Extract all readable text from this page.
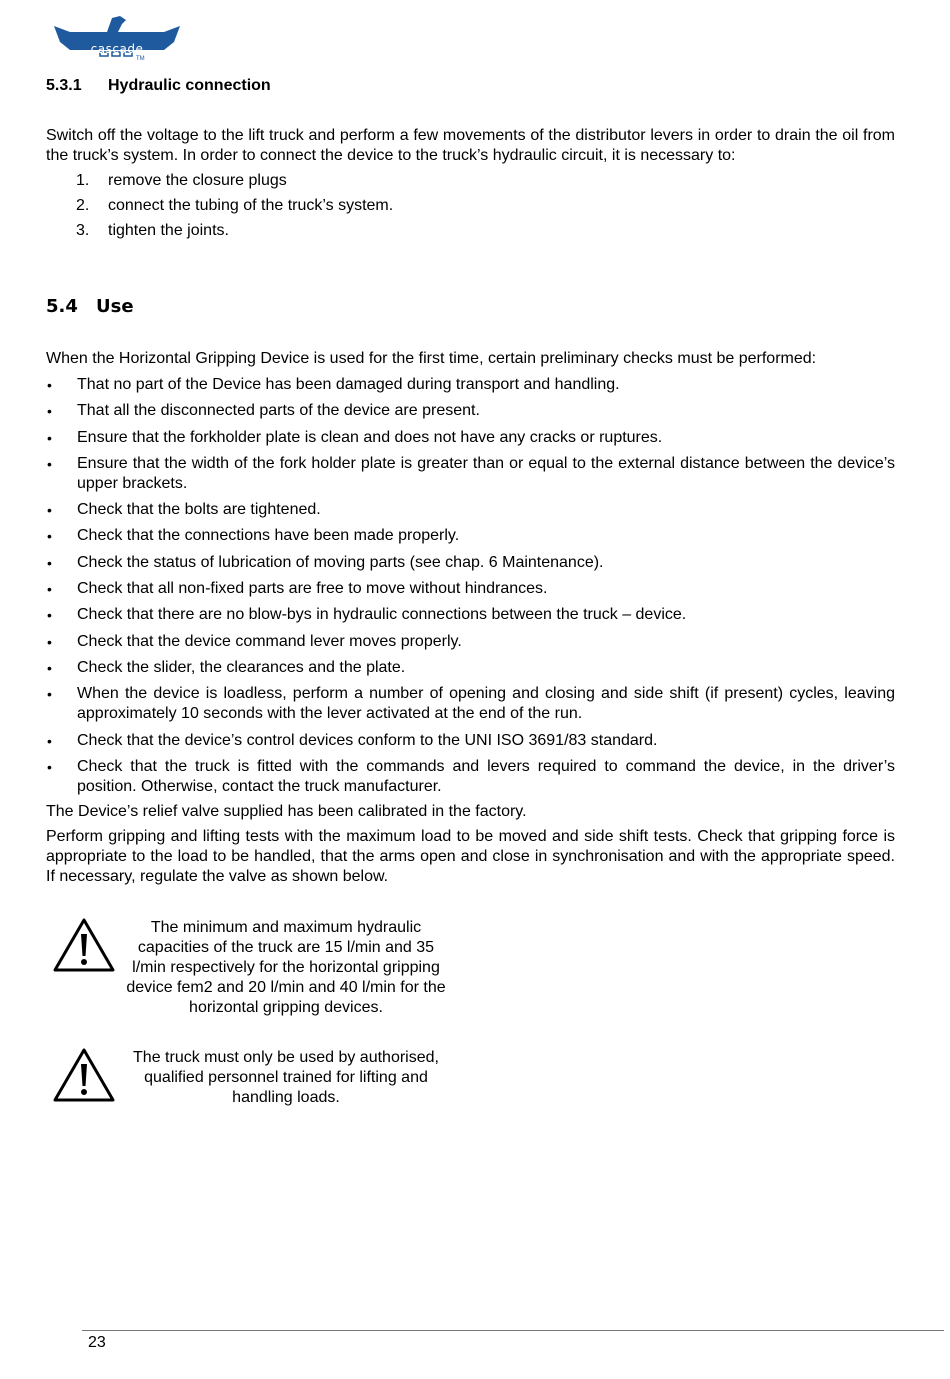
TM
cascade
5.3.1 Hydraulic connection
Switch off the voltage to the lift truck and perform a few movements of the distributor levers in order to drain the oil from the truck’s system. In order to connect the device to the truck’s hydraulic circuit, it is necessary to:
1.	remove the closure plugs
2.	connect the tubing of the truck’s system.
3.	tighten the joints.
5.4 Use
When the Horizontal Gripping Device is used for the first time, certain preliminary checks must be performed:
•	That no part of the Device has been damaged during transport and handling.
•	That all the disconnected parts of the device are present.
•	Ensure that the forkholder plate is clean and does not have any cracks or ruptures.
•	Ensure that the width of the fork holder plate is greater than or equal to the external distance between the device’s upper brackets.
•	Check that the bolts are tightened.
•	Check that the connections have been made properly.
•	Check the status of lubrication of moving parts (see chap. 6 Maintenance).
•	Check that all non-fixed parts are free to move without hindrances.
•	Check that there are no blow-bys in hydraulic connections between the truck – device.
•	Check that the device command lever moves properly.
•	Check the slider, the clearances and the plate.
•	When the device is loadless, perform a number of opening and closing and side shift (if present) cycles, leaving approximately 10 seconds with the lever activated at the end of the run.
•	Check that the device’s control devices conform to the UNI ISO 3691/83 standard.
•	Check that the truck is fitted with the commands and levers required to command the device, in the driver’s position. Otherwise, contact the truck manufacturer.
The Device’s relief valve supplied has been calibrated in the factory.
Perform gripping and lifting tests with the maximum load to be moved and side shift tests. Check that gripping force is appropriate to the load to be handled, that the arms open and close in synchronisation and with the appropriate speed. If necessary, regulate the valve as shown below.
The minimum and maximum hydraulic capacities of the truck are 15 l/min and 35 l/min respectively for the horizontal gripping device fem2 and 20 l/min and 40 l/min for the horizontal gripping devices.
The truck must only be used by authorised, qualified personnel trained for lifting and handling loads.
23
